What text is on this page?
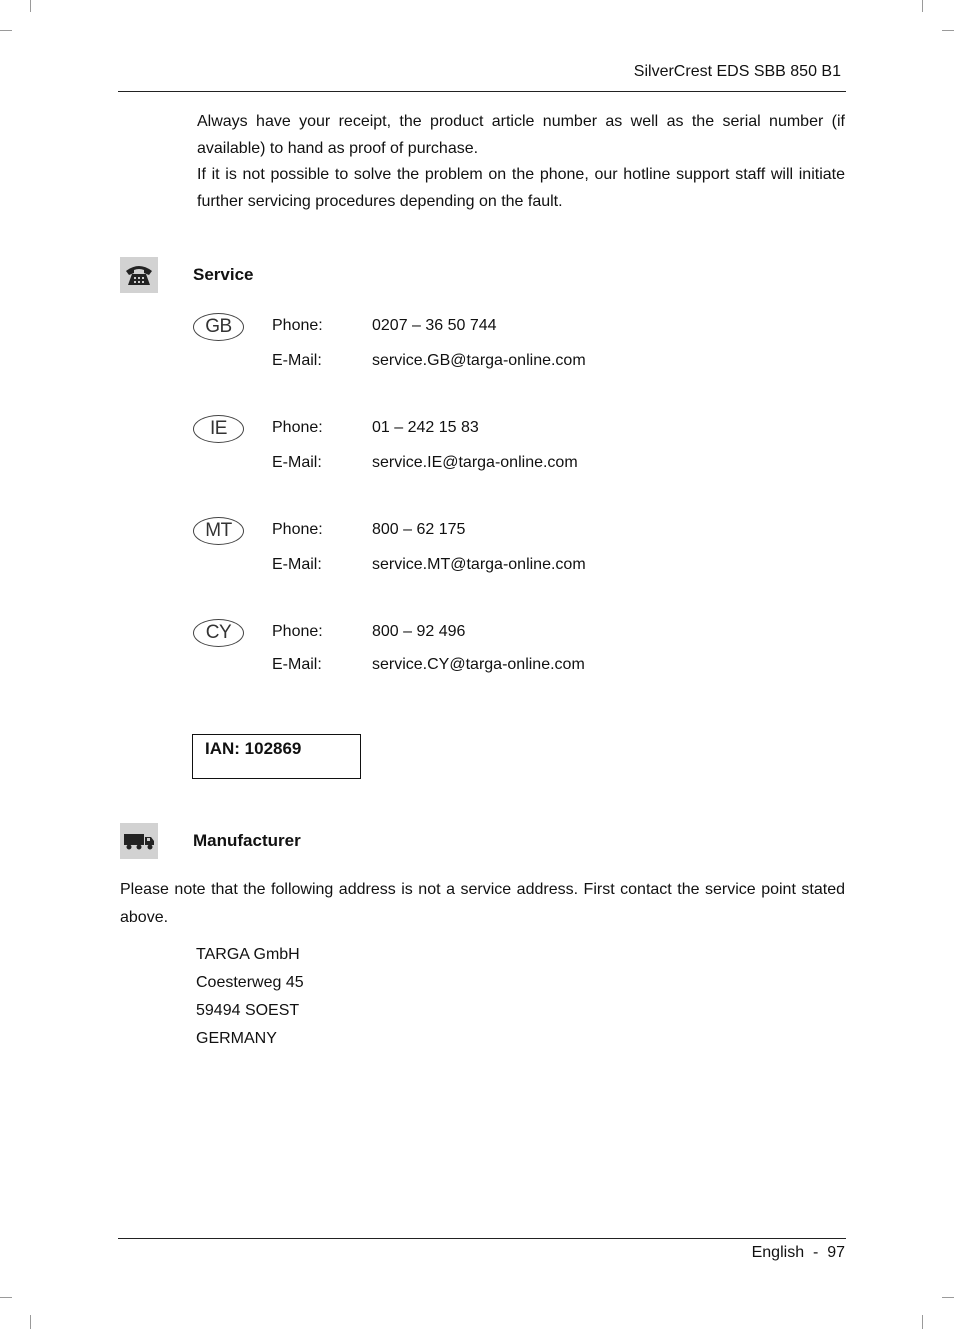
SilverCrest EDS SBB 850 B1

Always have your receipt, the product article number as well as the serial number (if available) to hand as proof of purchase.

If it is not possible to solve the problem on the phone, our hotline support staff will initiate further servicing procedures depending on the fault.

Service
GB	Phone:	0207 – 36 50 744
E-Mail:	service.GB@targa-online.com
IE	Phone:	01 – 242 15 83
E-Mail:	service.IE@targa-online.com
MT	Phone:	800 – 62 175
E-Mail:	service.MT@targa-online.com
CY	Phone:	800 – 92 496
E-Mail:	service.CY@targa-online.com
IAN: 102869
Manufacturer
Please note that the following address is not a service address. First contact the service point stated above.
TARGA GmbH
Coesterweg 45
59494 SOEST
GERMANY
English  -  97
